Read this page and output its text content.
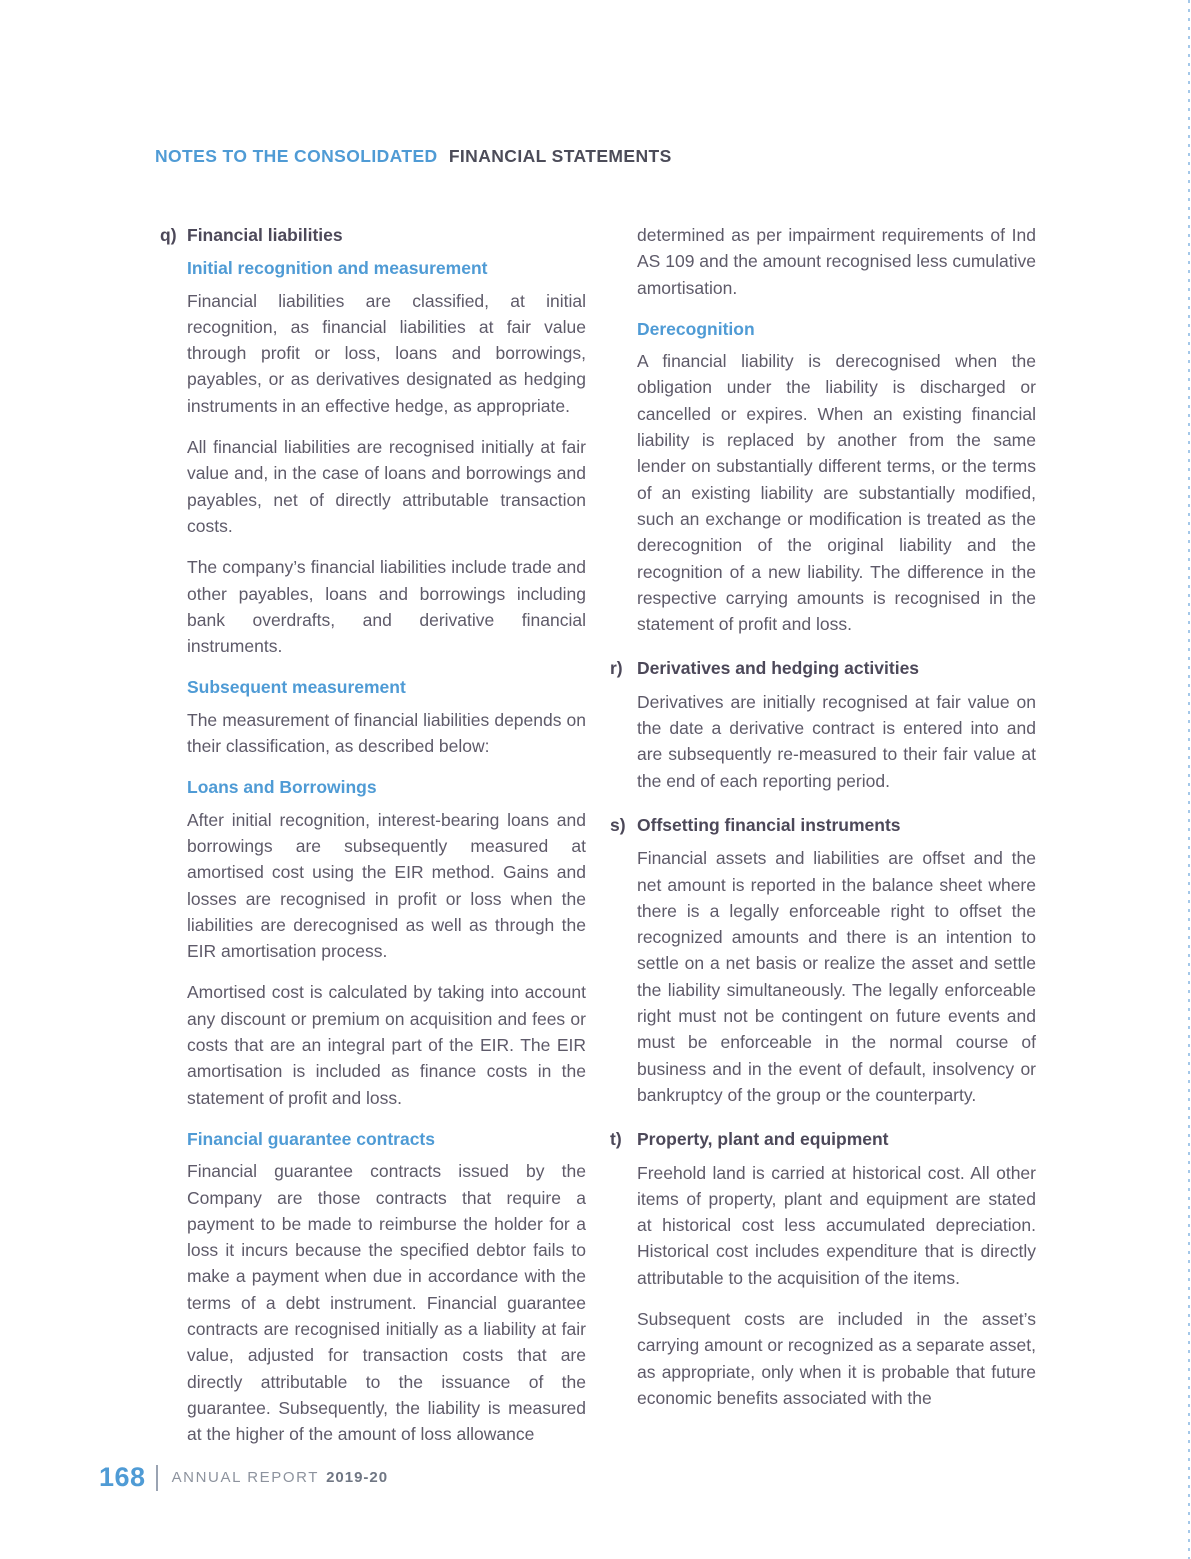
NOTES TO THE CONSOLIDATED FINANCIAL STATEMENTS
q) Financial liabilities
Initial recognition and measurement

Financial liabilities are classified, at initial recognition, as financial liabilities at fair value through profit or loss, loans and borrowings, payables, or as derivatives designated as hedging instruments in an effective hedge, as appropriate.

All financial liabilities are recognised initially at fair value and, in the case of loans and borrowings and payables, net of directly attributable transaction costs.

The company’s financial liabilities include trade and other payables, loans and borrowings including bank overdrafts, and derivative financial instruments.

Subsequent measurement

The measurement of financial liabilities depends on their classification, as described below:

Loans and Borrowings

After initial recognition, interest-bearing loans and borrowings are subsequently measured at amortised cost using the EIR method. Gains and losses are recognised in profit or loss when the liabilities are derecognised as well as through the EIR amortisation process.

Amortised cost is calculated by taking into account any discount or premium on acquisition and fees or costs that are an integral part of the EIR. The EIR amortisation is included as finance costs in the statement of profit and loss.

Financial guarantee contracts

Financial guarantee contracts issued by the Company are those contracts that require a payment to be made to reimburse the holder for a loss it incurs because the specified debtor fails to make a payment when due in accordance with the terms of a debt instrument. Financial guarantee contracts are recognised initially as a liability at fair value, adjusted for transaction costs that are directly attributable to the issuance of the guarantee. Subsequently, the liability is measured at the higher of the amount of loss allowance

determined as per impairment requirements of Ind AS 109 and the amount recognised less cumulative amortisation.

Derecognition

A financial liability is derecognised when the obligation under the liability is discharged or cancelled or expires. When an existing financial liability is replaced by another from the same lender on substantially different terms, or the terms of an existing liability are substantially modified, such an exchange or modification is treated as the derecognition of the original liability and the recognition of a new liability. The difference in the respective carrying amounts is recognised in the statement of profit and loss.

r) Derivatives and hedging activities

Derivatives are initially recognised at fair value on the date a derivative contract is entered into and are subsequently re-measured to their fair value at the end of each reporting period.

s) Offsetting financial instruments

Financial assets and liabilities are offset and the net amount is reported in the balance sheet where there is a legally enforceable right to offset the recognized amounts and there is an intention to settle on a net basis or realize the asset and settle the liability simultaneously. The legally enforceable right must not be contingent on future events and must be enforceable in the normal course of business and in the event of default, insolvency or bankruptcy of the group or the counterparty.

t) Property, plant and equipment

Freehold land is carried at historical cost. All other items of property, plant and equipment are stated at historical cost less accumulated depreciation. Historical cost includes expenditure that is directly attributable to the acquisition of the items.

Subsequent costs are included in the asset’s carrying amount or recognized as a separate asset, as appropriate, only when it is probable that future economic benefits associated with the

168 ANNUAL REPORT 2019-20
